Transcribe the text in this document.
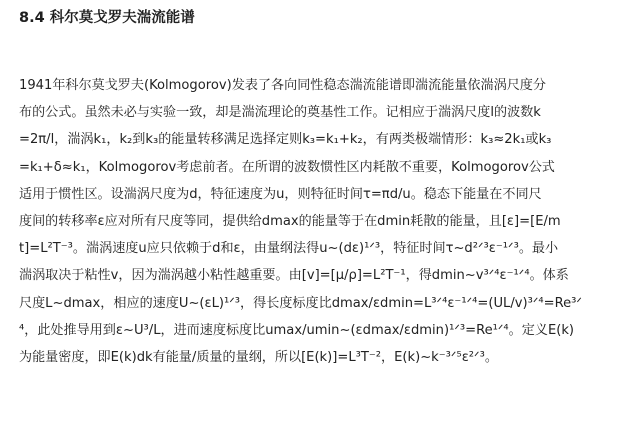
8.4 科尔莫戈罗夫湍流能谱
1941年科尔莫戈罗夫(Kolmogorov)发表了各向同性稳态湍流能谱即湍流能量依湍涡尺度分
布的公式。虽然未必与实验一致，却是湍流理论的奠基性工作。记相应于湍涡尺度l的波数k
=2π/l，湍涡k₁，k₂到k₃的能量转移满足选择定则k₃=k₁+k₂，有两类极端情形：k₃≈2k₁或k₃
=k₁+δ≈k₁，Kolmogorov考虑前者。在所谓的波数惯性区内耗散不重要，Kolmogorov公式
适用于惯性区。设湍涡尺度为d，特征速度为u，则特征时间τ=πd/u。稳态下能量在不同尺
度间的转移率ε应对所有尺度等同，提供给dmax的能量等于在dmin耗散的能量，且[ε]=[E/m
t]=L²T⁻³。湍涡速度u应只依赖于d和ε，由量纲法得u~(dε)¹ᐟ³，特征时间τ~d²ᐟ³ε⁻¹ᐟ³。最小
湍涡取决于粘性v，因为湍涡越小粘性越重要。由[v]=[μ/ρ]=L²T⁻¹，得dmin~v³ᐟ⁴ε⁻¹ᐟ⁴。体系
尺度L~dmax，相应的速度U~(εL)¹ᐟ³，得长度标度比dmax/εdmin=L³ᐟ⁴ε⁻¹ᐟ⁴=(UL/v)³ᐟ⁴=Re³ᐟ
⁴，此处推导用到ε~U³/L，进而速度标度比umax/umin~(εdmax/εdmin)¹ᐟ³=Re¹ᐟ⁴。定义E(k)
为能量密度，即E(k)dk有能量/质量的量纲，所以[E(k)]=L³T⁻²，E(k)~k⁻³ᐟ⁵ε²ᐟ³。
